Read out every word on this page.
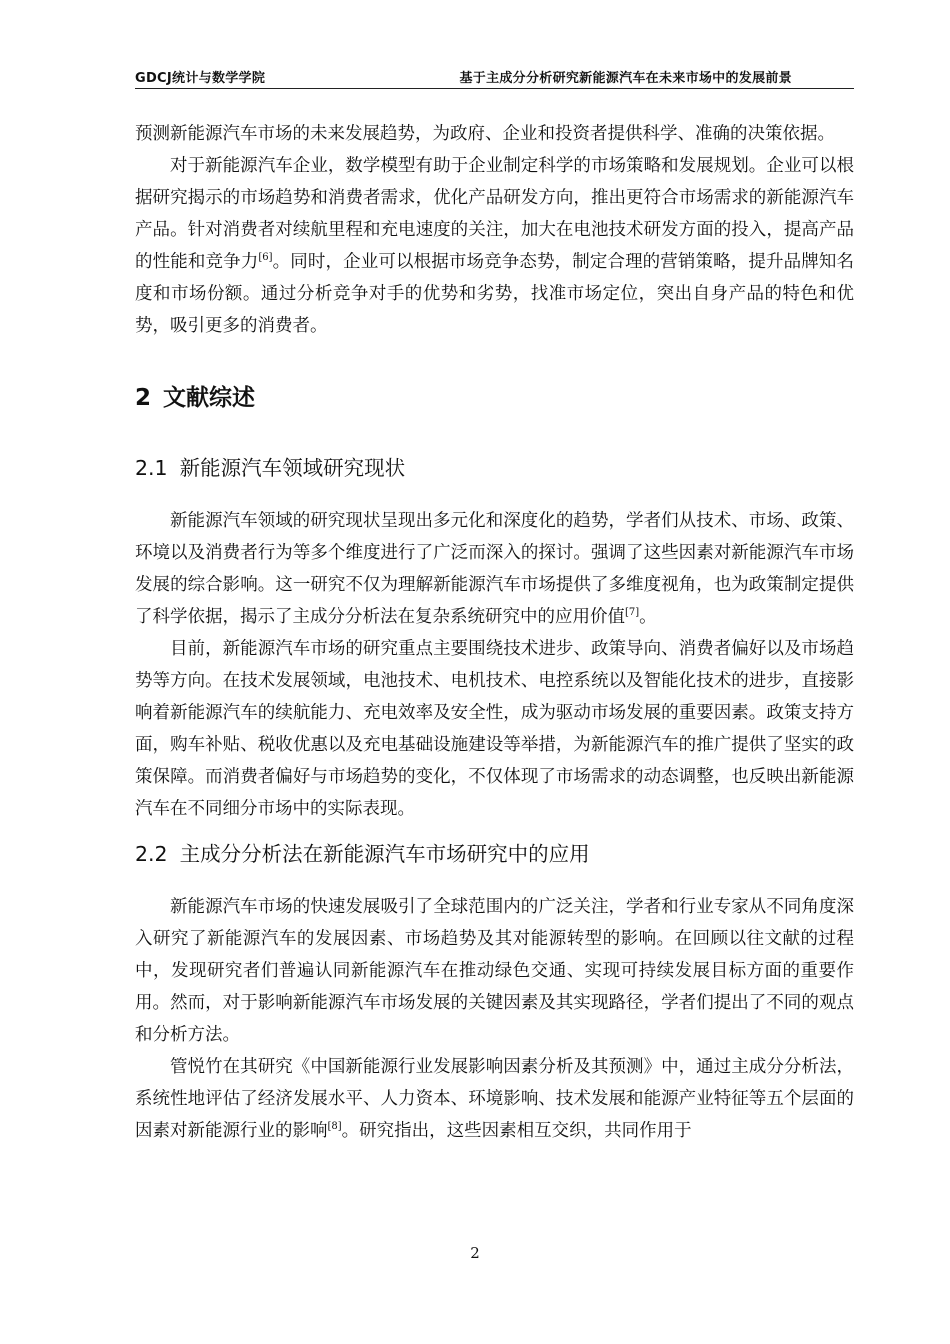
GDCJ统计与数学学院	基于主成分分析研究新能源汽车在未来市场中的发展前景

预测新能源汽车市场的未来发展趋势，为政府、企业和投资者提供科学、准确的决策依据。

对于新能源汽车企业，数学模型有助于企业制定科学的市场策略和发展规划。企业可以根据研究揭示的市场趋势和消费者需求，优化产品研发方向，推出更符合市场需求的新能源汽车产品。针对消费者对续航里程和充电速度的关注，加大在电池技术研发方面的投入，提高产品的性能和竞争力[6]。同时，企业可以根据市场竞争态势，制定合理的营销策略，提升品牌知名度和市场份额。通过分析竞争对手的优势和劣势，找准市场定位，突出自身产品的特色和优势，吸引更多的消费者。

2 文献综述
2.1 新能源汽车领域研究现状

新能源汽车领域的研究现状呈现出多元化和深度化的趋势，学者们从技术、市场、政策、环境以及消费者行为等多个维度进行了广泛而深入的探讨。强调了这些因素对新能源汽车市场发展的综合影响。这一研究不仅为理解新能源汽车市场提供了多维度视角，也为政策制定提供了科学依据，揭示了主成分分析法在复杂系统研究中的应用价值[7]。

目前，新能源汽车市场的研究重点主要围绕技术进步、政策导向、消费者偏好以及市场趋势等方向。在技术发展领域，电池技术、电机技术、电控系统以及智能化技术的进步，直接影响着新能源汽车的续航能力、充电效率及安全性，成为驱动市场发展的重要因素。政策支持方面，购车补贴、税收优惠以及充电基础设施建设等举措，为新能源汽车的推广提供了坚实的政策保障。而消费者偏好与市场趋势的变化，不仅体现了市场需求的动态调整，也反映出新能源汽车在不同细分市场中的实际表现。

2.2 主成分分析法在新能源汽车市场研究中的应用

新能源汽车市场的快速发展吸引了全球范围内的广泛关注，学者和行业专家从不同角度深入研究了新能源汽车的发展因素、市场趋势及其对能源转型的影响。在回顾以往文献的过程中，发现研究者们普遍认同新能源汽车在推动绿色交通、实现可持续发展目标方面的重要作用。然而，对于影响新能源汽车市场发展的关键因素及其实现路径，学者们提出了不同的观点和分析方法。

管悦竹在其研究《中国新能源行业发展影响因素分析及其预测》中，通过主成分分析法，系统性地评估了经济发展水平、人力资本、环境影响、技术发展和能源产业特征等五个层面的因素对新能源行业的影响[8]。研究指出，这些因素相互交织，共同作用于

2
